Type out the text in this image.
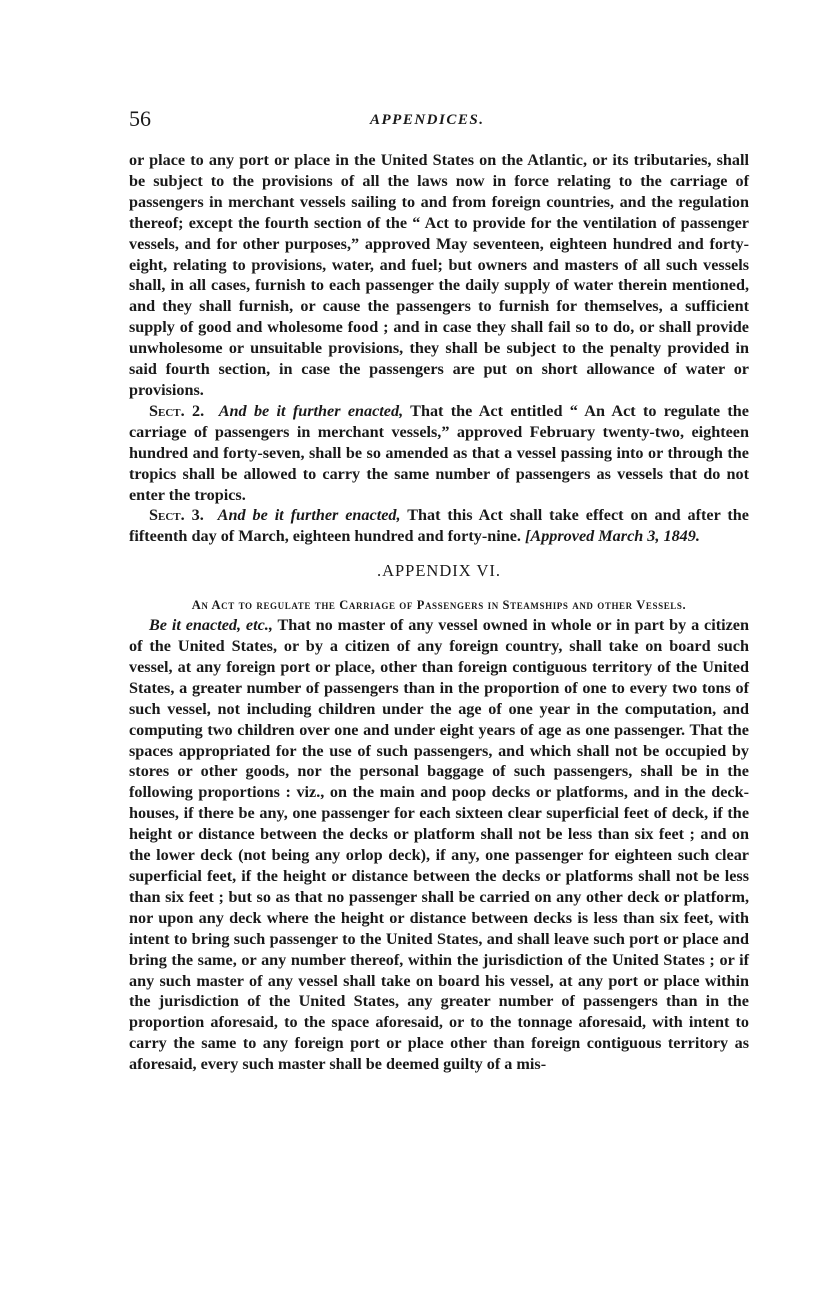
56	APPENDICES.

or place to any port or place in the United States on the Atlantic, or its tributaries, shall be subject to the provisions of all the laws now in force relating to the carriage of passengers in merchant vessels sailing to and from foreign countries, and the regulation thereof; except the fourth section of the “ Act to provide for the ventilation of passenger vessels, and for other purposes,” approved May seventeen, eighteen hundred and forty-eight, relating to provisions, water, and fuel; but owners and masters of all such vessels shall, in all cases, furnish to each passenger the daily supply of water therein mentioned, and they shall furnish, or cause the passengers to furnish for themselves, a sufficient supply of good and wholesome food ; and in case they shall fail so to do, or shall provide unwholesome or unsuitable provisions, they shall be subject to the penalty provided in said fourth section, in case the passengers are put on short allowance of water or provisions.

Sect. 2. And be it further enacted, That the Act entitled “ An Act to regulate the carriage of passengers in merchant vessels,” approved February twenty-two, eighteen hundred and forty-seven, shall be so amended as that a vessel passing into or through the tropics shall be allowed to carry the same number of passengers as vessels that do not enter the tropics.

Sect. 3. And be it further enacted, That this Act shall take effect on and after the fifteenth day of March, eighteen hundred and forty-nine. [Approved March 3, 1849.

.APPENDIX VI.
An Act to regulate the Carriage of Passengers in Steamships and other Vessels.

Be it enacted, etc., That no master of any vessel owned in whole or in part by a citizen of the United States, or by a citizen of any foreign country, shall take on board such vessel, at any foreign port or place, other than foreign contiguous territory of the United States, a greater number of passengers than in the proportion of one to every two tons of such vessel, not including children under the age of one year in the computation, and computing two children over one and under eight years of age as one passenger. That the spaces appropriated for the use of such passengers, and which shall not be occupied by stores or other goods, nor the personal baggage of such passengers, shall be in the following proportions : viz., on the main and poop decks or platforms, and in the deck-houses, if there be any, one passenger for each sixteen clear superficial feet of deck, if the height or distance between the decks or platform shall not be less than six feet ; and on the lower deck (not being any orlop deck), if any, one passenger for eighteen such clear superficial feet, if the height or distance between the decks or platforms shall not be less than six feet ; but so as that no passenger shall be carried on any other deck or platform, nor upon any deck where the height or distance between decks is less than six feet, with intent to bring such passenger to the United States, and shall leave such port or place and bring the same, or any number thereof, within the jurisdiction of the United States ; or if any such master of any vessel shall take on board his vessel, at any port or place within the jurisdiction of the United States, any greater number of passengers than in the proportion aforesaid, to the space aforesaid, or to the tonnage aforesaid, with intent to carry the same to any foreign port or place other than foreign contiguous territory as aforesaid, every such master shall be deemed guilty of a mis-
